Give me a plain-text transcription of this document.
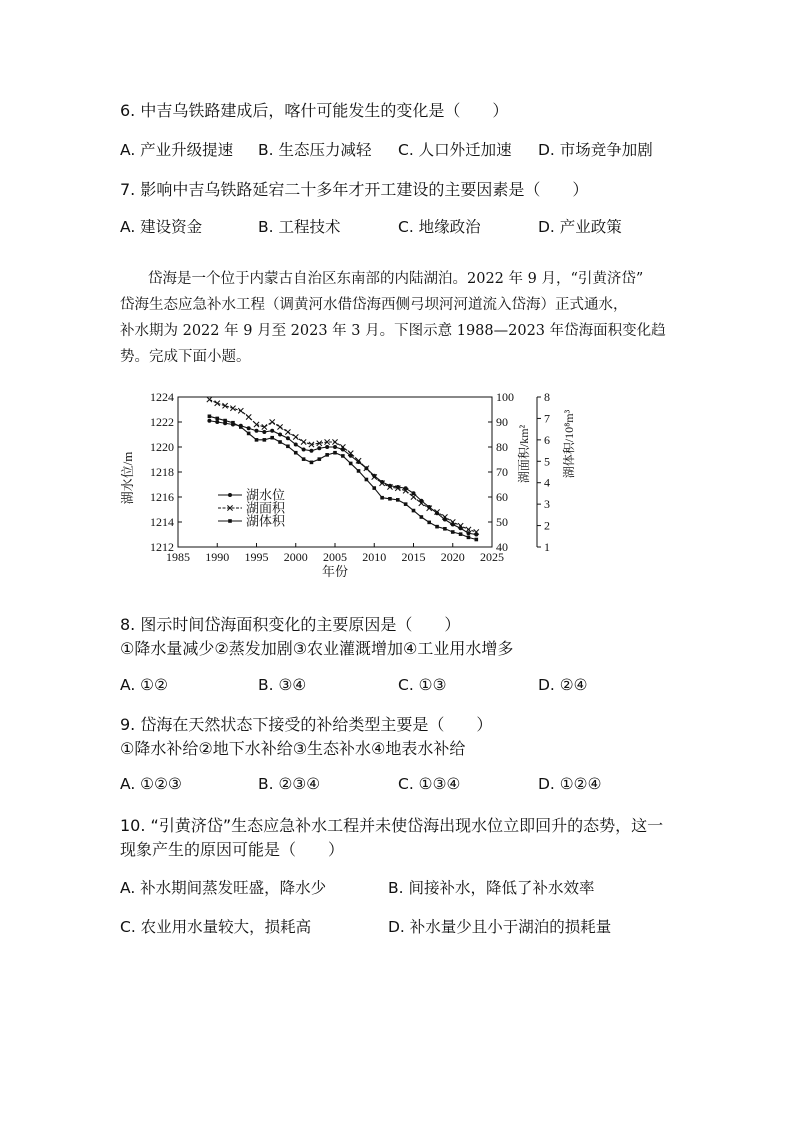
6. 中吉乌铁路建成后，喀什可能发生的变化是（　　）
A. 产业升级提速 B. 生态压力减轻 C. 人口外迁加速 D. 市场竞争加剧
7. 影响中吉乌铁路延宕二十多年才开工建设的主要因素是（　　）
A. 建设资金	B. 工程技术	C. 地缘政治	D. 产业政策
岱海是一个位于内蒙古自治区东南部的内陆湖泊。2022 年 9 月，“引黄济岱”
岱海生态应急补水工程（调黄河水借岱海西侧弓坝河河道流入岱海）正式通水，
补水期为 2022 年 9 月至 2023 年 3 月。下图示意 1988—2023 年岱海面积变化趋
势。完成下面小题。
1985 1990 1995 2000 2005 2010 2015 2020 2025
1212
1214
1216
1218
1220
1222
1224
40
50
60
70
80
90
100
1
2
3
4
5
6
7
8
年份
湖水位/m	湖面积/km²	湖体积/10⁸m³
湖水位
湖面积
湖体积
8. 图示时间岱海面积变化的主要原因是（　　）
①降水量减少②蒸发加剧③农业灌溉增加④工业用水增多
A. ①②	B. ③④	C. ①③	D. ②④
9. 岱海在天然状态下接受的补给类型主要是（　　）
①降水补给②地下水补给③生态补水④地表水补给
A. ①②③	B. ②③④	C. ①③④	D. ①②④
10. “引黄济岱”生态应急补水工程并未使岱海出现水位立即回升的态势，这一
现象产生的原因可能是（　　）
A. 补水期间蒸发旺盛，降水少	B. 间接补水，降低了补水效率
C. 农业用水量较大，损耗高	D. 补水量少且小于湖泊的损耗量
